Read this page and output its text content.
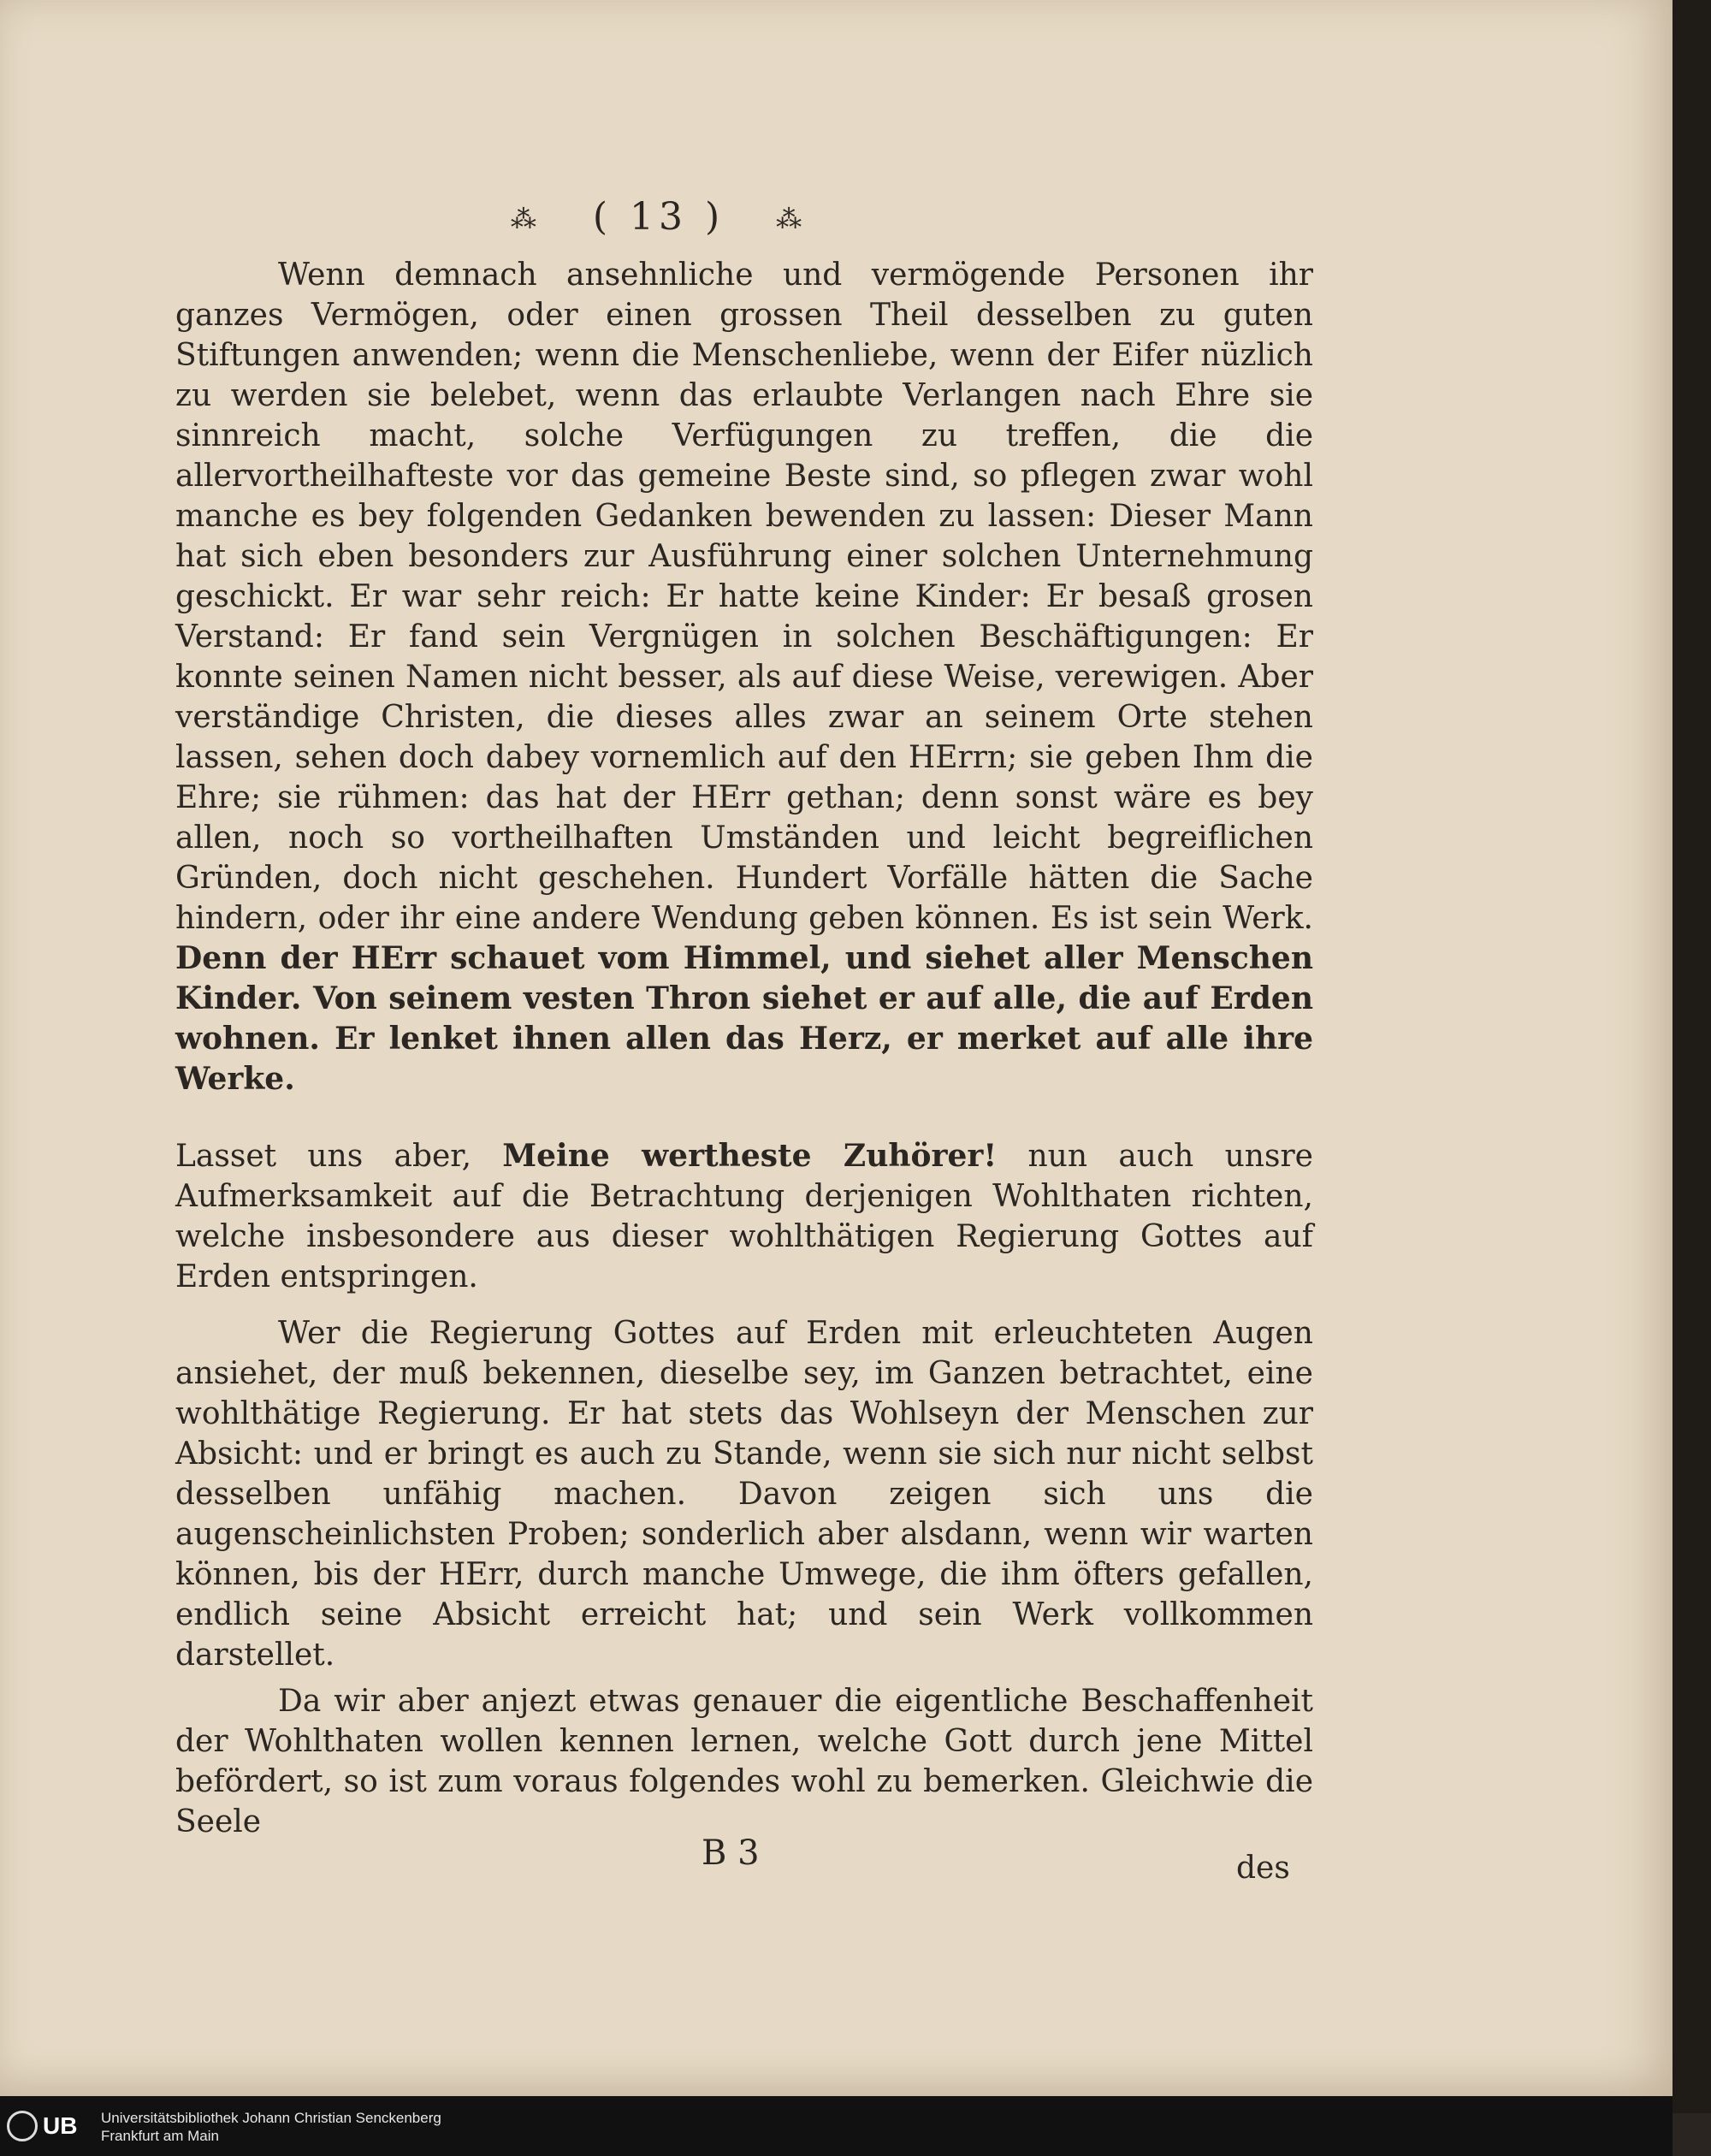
⁂ ( 13 ) ⁂
Wenn demnach ansehnliche und vermögende Personen ihr ganzes Vermögen, oder einen grossen Theil desselben zu guten Stiftungen anwenden; wenn die Menschenliebe, wenn der Eifer nüzlich zu werden sie belebet, wenn das erlaubte Verlangen nach Ehre sie sinnreich macht, solche Verfügungen zu treffen, die die allervortheilhafteste vor das gemeine Beste sind, so pflegen zwar wohl manche es bey folgenden Gedanken bewenden zu lassen: Dieser Mann hat sich eben besonders zur Ausführung einer solchen Unternehmung geschickt. Er war sehr reich: Er hatte keine Kinder: Er besaß grosen Verstand: Er fand sein Vergnügen in solchen Beschäftigungen: Er konnte seinen Namen nicht besser, als auf diese Weise, verewigen. Aber verständige Christen, die dieses alles zwar an seinem Orte stehen lassen, sehen doch dabey vornemlich auf den HErrn; sie geben Ihm die Ehre; sie rühmen: das hat der HErr gethan; denn sonst wäre es bey allen, noch so vortheilhaften Umständen und leicht begreiflichen Gründen, doch nicht geschehen. Hundert Vorfälle hätten die Sache hindern, oder ihr eine andere Wendung geben können. Es ist sein Werk. Denn der HErr schauet vom Himmel, und siehet aller Menschen Kinder. Von seinem vesten Thron siehet er auf alle, die auf Erden wohnen. Er lenket ihnen allen das Herz, er merket auf alle ihre Werke.
Lasset uns aber, Meine wertheste Zuhörer! nun auch unsre Aufmerksamkeit auf die Betrachtung derjenigen Wohlthaten richten, welche insbesondere aus dieser wohlthätigen Regierung Gottes auf Erden entspringen.
Wer die Regierung Gottes auf Erden mit erleuchteten Augen ansiehet, der muß bekennen, dieselbe sey, im Ganzen betrachtet, eine wohlthätige Regierung. Er hat stets das Wohlseyn der Menschen zur Absicht: und er bringt es auch zu Stande, wenn sie sich nur nicht selbst desselben unfähig machen. Davon zeigen sich uns die augenscheinlichsten Proben; sonderlich aber alsdann, wenn wir warten können, bis der HErr, durch manche Umwege, die ihm öfters gefallen, endlich seine Absicht erreicht hat; und sein Werk vollkommen darstellet.
Da wir aber anjezt etwas genauer die eigentliche Beschaffenheit der Wohlthaten wollen kennen lernen, welche Gott durch jene Mittel befördert, so ist zum voraus folgendes wohl zu bemerken. Gleichwie die Seele
B 3	des
UB Universitätsbibliothek Johann Christian Senckenberg
Frankfurt am Main
